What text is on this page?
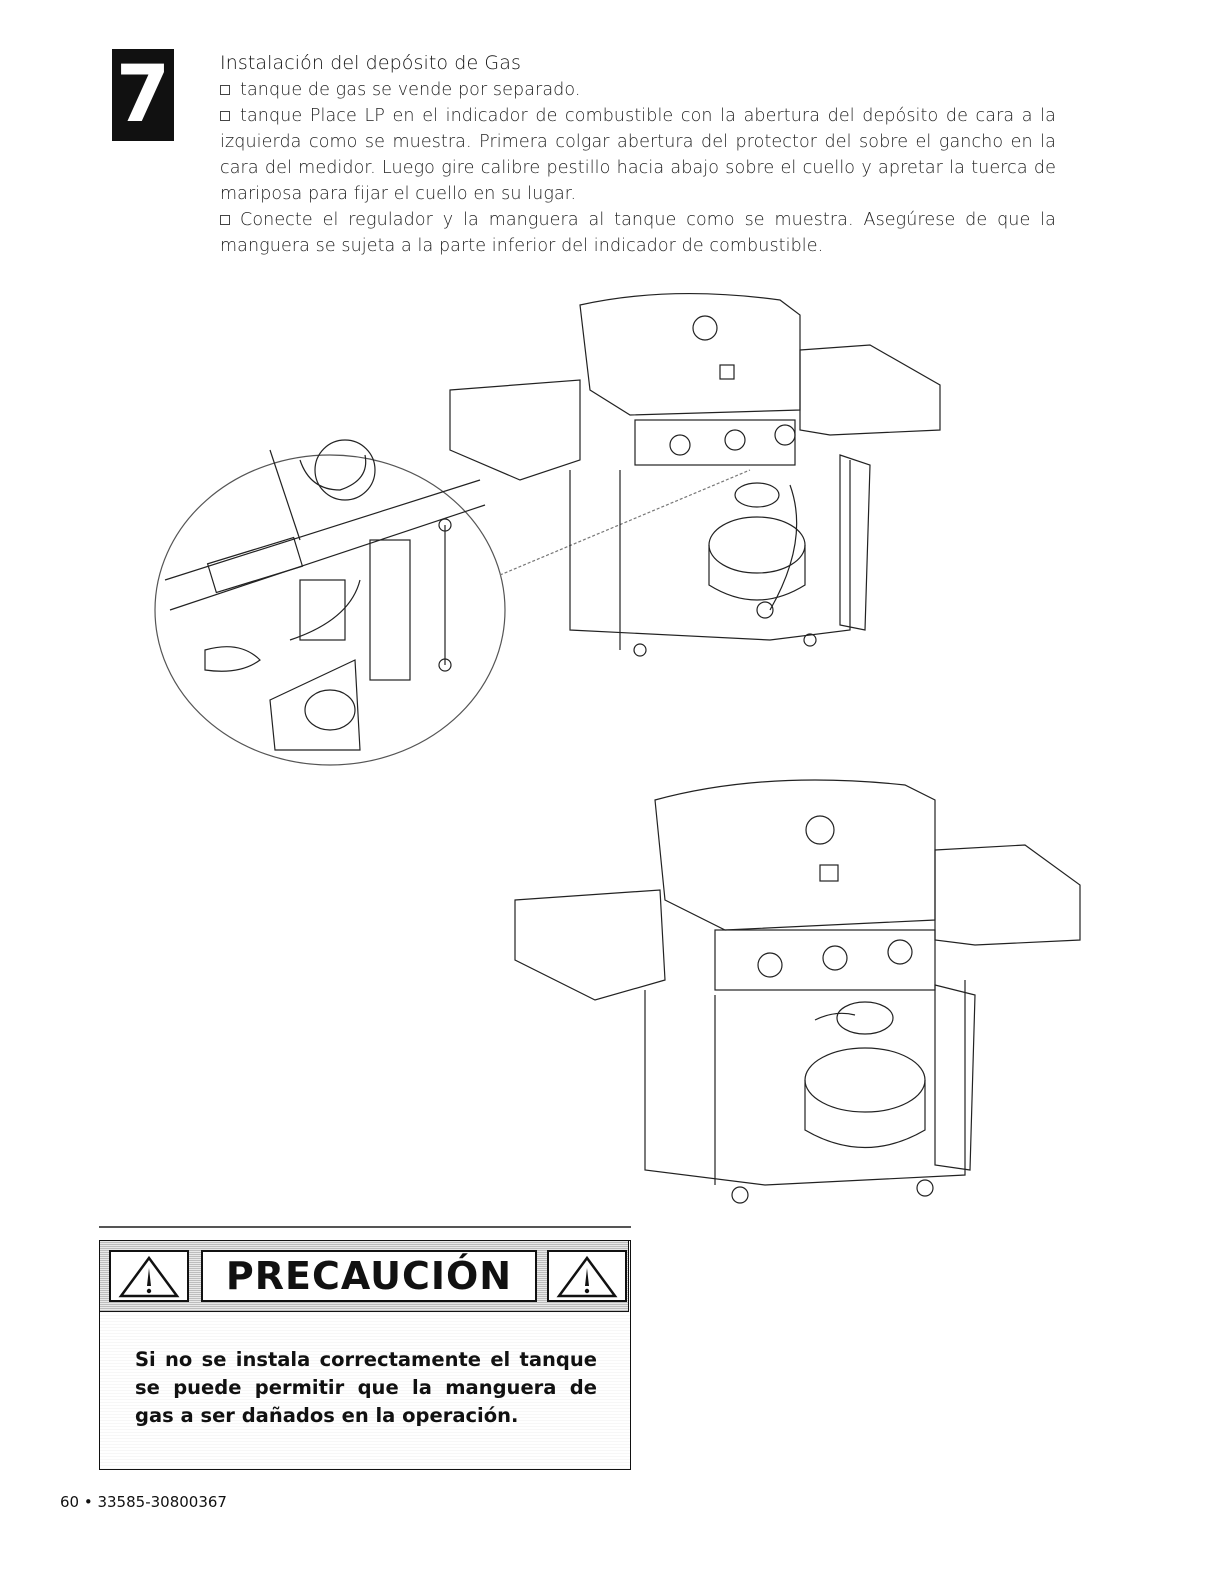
7	Instalación del depósito de Gas
tanque de gas se vende por separado.
tanque Place LP en el indicador de combustible con la abertura del depósito de cara a la izquierda como se muestra. Primera colgar abertura del protector del sobre el gancho en la cara del medidor. Luego gire calibre pestillo hacia abajo sobre el cuello y apretar la tuerca de mariposa para fijar el cuello en su lugar.
Conecte el regulador y la manguera al tanque como se muestra. Asegúrese de que la manguera se sujeta a la parte inferior del indicador de combustible.
PRECAUCIÓN
Si no se instala correctamente el tanque se puede permitir que la manguera de gas a ser dañados en la operación.
60 • 33585-30800367
